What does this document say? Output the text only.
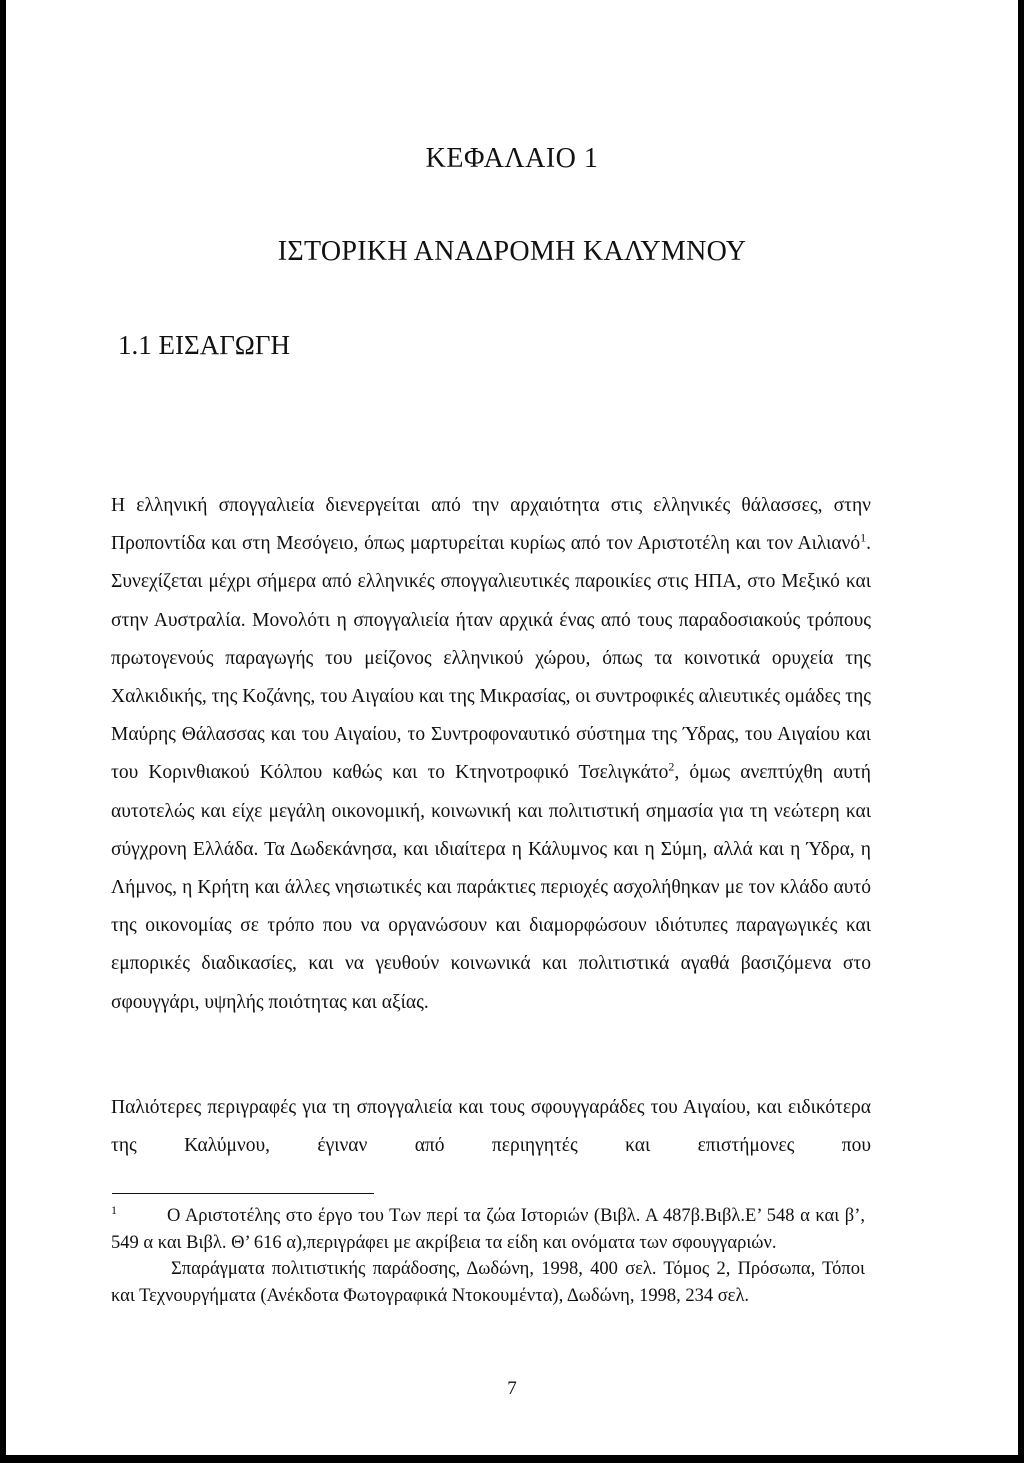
ΚΕΦΑΛΑΙΟ 1
ΙΣΤΟΡΙΚΗ ΑΝΑΔΡΟΜΗ ΚΑΛΥΜΝΟΥ
1.1 ΕΙΣΑΓΩΓΗ

Η ελληνική σπογγαλιεία διενεργείται από την αρχαιότητα στις ελληνικές θάλασσες, στην Προποντίδα και στη Μεσόγειο, όπως μαρτυρείται κυρίως από τον Αριστοτέλη και τον Αιλιανό$^1$. Συνεχίζεται μέχρι σήμερα από ελληνικές σπογγαλιευτικές παροικίες στις ΗΠΑ, στο Μεξικό και στην Αυστραλία. Μονολότι η σπογγαλιεία ήταν αρχικά ένας από τους παραδοσιακούς τρόπους πρωτογενούς παραγωγής του μείζονος ελληνικού χώρου, όπως τα κοινοτικά ορυχεία της Χαλκιδικής, της Κοζάνης, του Αιγαίου και της Μικρασίας, οι συντροφικές αλιευτικές ομάδες της Μαύρης Θάλασσας και του Αιγαίου, το Συντροφοναυτικό σύστημα της Ύδρας, του Αιγαίου και του Κορινθιακού Κόλπου καθώς και το Κτηνοτροφικό Τσελιγκάτο$^2$, όμως ανεπτύχθη αυτή αυτοτελώς και είχε μεγάλη οικονομική, κοινωνική και πολιτιστική σημασία για τη νεώτερη και σύγχρονη Ελλάδα. Τα Δωδεκάνησα, και ιδιαίτερα η Κάλυμνος και η Σύμη, αλλά και η Ύδρα, η Λήμνος, η Κρήτη και άλλες νησιωτικές και παράκτιες περιοχές ασχολήθηκαν με τον κλάδο αυτό της οικονομίας σε τρόπο που να οργανώσουν και διαμορφώσουν ιδιότυπες παραγωγικές και εμπορικές διαδικασίες, και να γευθούν κοινωνικά και πολιτιστικά αγαθά βασιζόμενα στο σφουγγάρι, υψηλής ποιότητας και αξίας.

Παλιότερες περιγραφές για τη σπογγαλιεία και τους σφουγγαράδες του Αιγαίου, και ειδικότερα της Καλύμνου, έγιναν από περιηγητές και επιστήμονες που

$^1$	Ο Αριστοτέλης στο έργο του Των περί τα ζώα Ιστοριών (Βιβλ. Α 487β.Βιβλ.Ε’ 548 α και β’, 549 α και Βιβλ. Θ’ 616 α),περιγράφει με ακρίβεια τα είδη και ονόματα των σφουγγαριών.

Σπαράγματα πολιτιστικής παράδοσης, Δωδώνη, 1998, 400 σελ. Τόμος 2, Πρόσωπα, Τόποι και Τεχνουργήματα (Ανέκδοτα Φωτογραφικά Ντοκουμέντα), Δωδώνη, 1998, 234 σελ.

7
